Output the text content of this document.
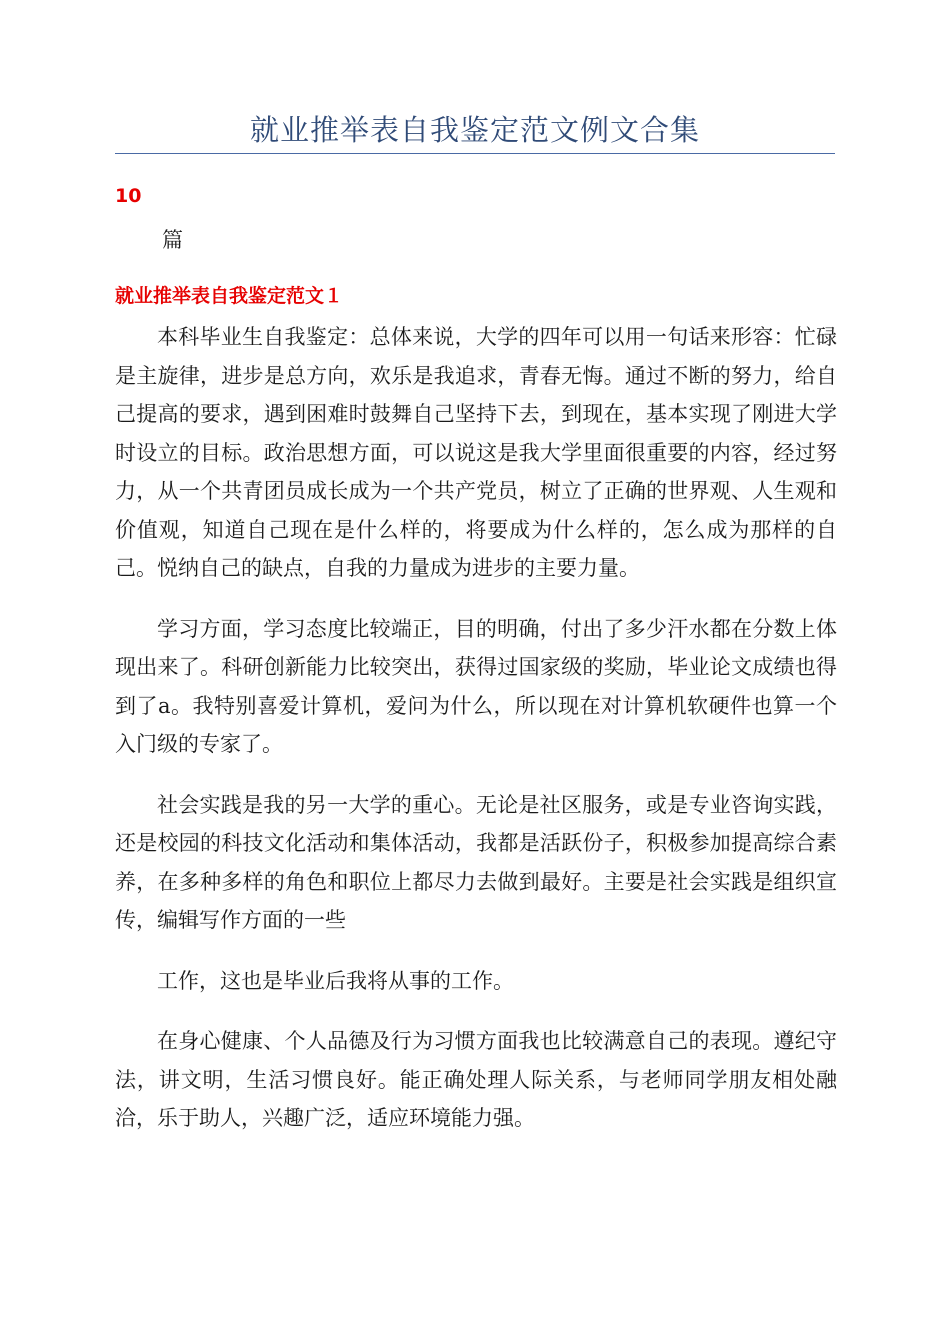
就业推举表自我鉴定范文例文合集
10
篇
就业推举表自我鉴定范文１

本科毕业生自我鉴定：总体来说，大学的四年可以用一句话来形容：忙碌是主旋律，进步是总方向，欢乐是我追求，青春无悔。通过不断的努力，给自己提高的要求，遇到困难时鼓舞自己坚持下去，到现在，基本实现了刚进大学时设立的目标。政治思想方面，可以说这是我大学里面很重要的内容，经过努力，从一个共青团员成长成为一个共产党员，树立了正确的世界观、人生观和价值观，知道自己现在是什么样的，将要成为什么样的，怎么成为那样的自己。悦纳自己的缺点，自我的力量成为进步的主要力量。

学习方面，学习态度比较端正，目的明确，付出了多少汗水都在分数上体现出来了。科研创新能力比较突出，获得过国家级的奖励，毕业论文成绩也得到了a。我特别喜爱计算机，爱问为什么，所以现在对计算机软硬件也算一个入门级的专家了。

社会实践是我的另一大学的重心。无论是社区服务，或是专业咨询实践，还是校园的科技文化活动和集体活动，我都是活跃份子，积极参加提高综合素养，在多种多样的角色和职位上都尽力去做到最好。主要是社会实践是组织宣传，编辑写作方面的一些

工作，这也是毕业后我将从事的工作。

在身心健康、个人品德及行为习惯方面我也比较满意自己的表现。遵纪守法，讲文明，生活习惯良好。能正确处理人际关系，与老师同学朋友相处融洽，乐于助人，兴趣广泛，适应环境能力强。
